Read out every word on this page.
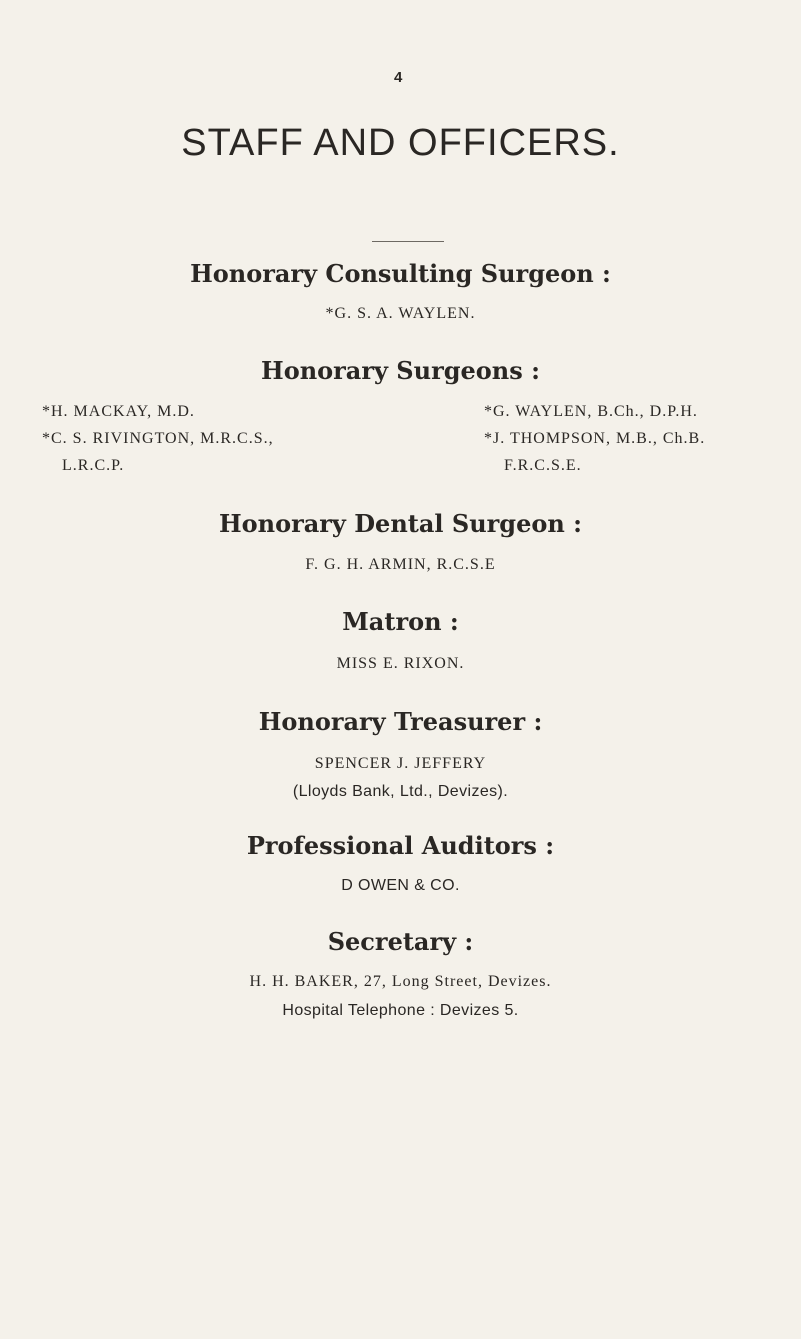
4
STAFF AND OFFICERS.
Honorary Consulting Surgeon :
*G. S. A. WAYLEN.
Honorary Surgeons :
*H. MACKAY, M.D.
*C. S. RIVINGTON, M.R.C.S.,
L.R.C.P.
*G. WAYLEN, B.Ch., D.P.H.
*J. THOMPSON, M.B., Ch.B.
F.R.C.S.E.
Honorary Dental Surgeon :
F. G. H. ARMIN, R.C.S.E
Matron :
MISS E. RIXON.
Honorary Treasurer :
SPENCER J. JEFFERY
(Lloyds Bank, Ltd., Devizes).
Professional Auditors :
D OWEN & CO.
Secretary :
H. H. BAKER, 27, Long Street, Devizes.
Hospital Telephone : Devizes 5.
